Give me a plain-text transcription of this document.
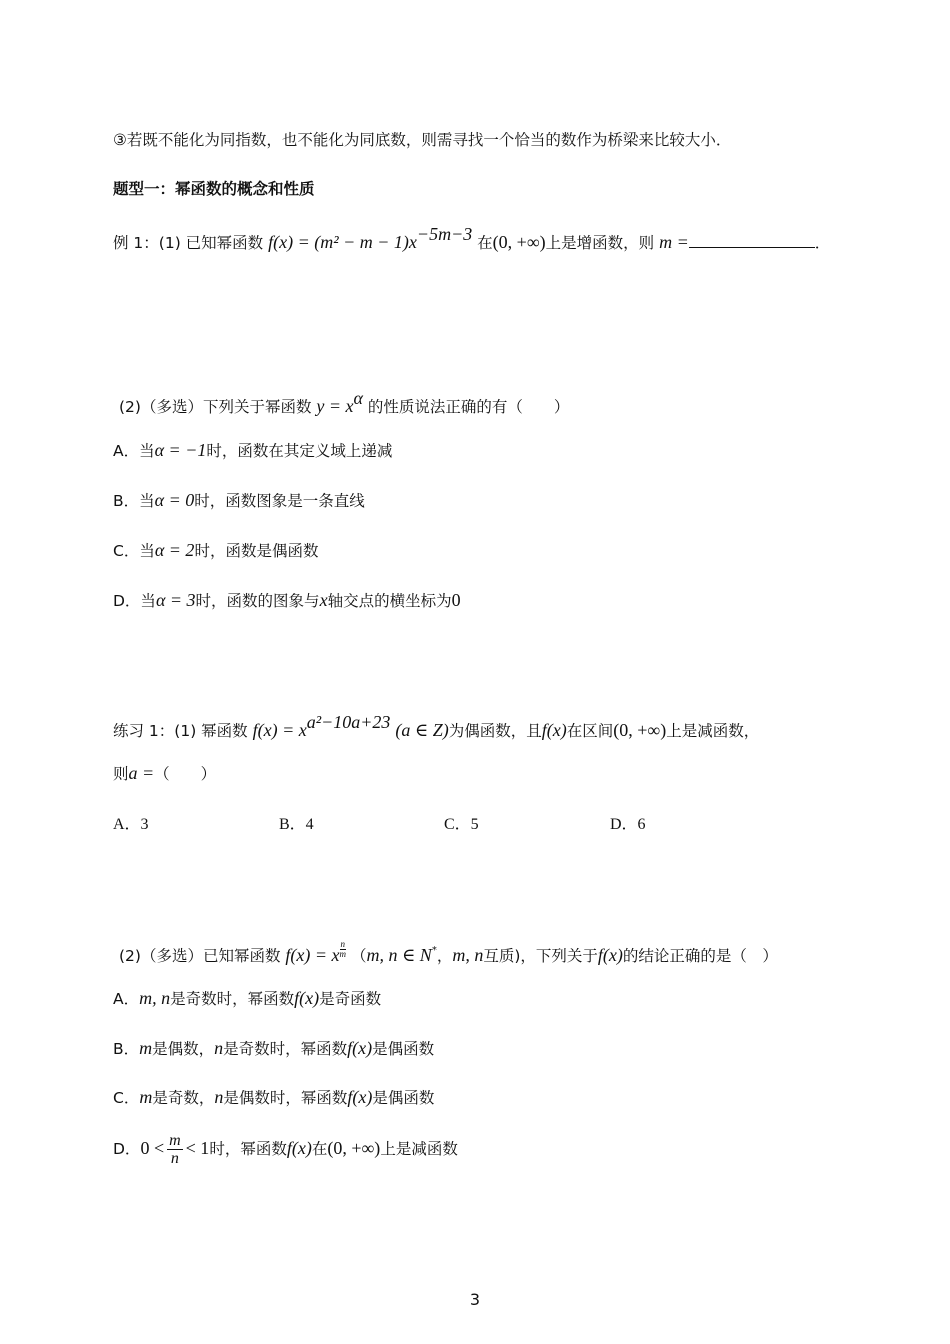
③若既不能化为同指数，也不能化为同底数，则需寻找一个恰当的数作为桥梁来比较大小．
题型一：幂函数的概念和性质
例 1：(1) 已知幂函数 $f(x) = (m^2 - m - 1)x^{-5m-3}$ 在(0, +∞)上是增函数，则 m =	．
(2)（多选）下列关于幂函数 $y = x^\alpha$ 的性质说法正确的有（　　）
A．当α = −1时，函数在其定义域上递减
B．当α = 0时，函数图象是一条直线
C．当α = 2时，函数是偶函数
D．当α = 3时，函数的图象与x轴交点的横坐标为0
练习 1：(1) 幂函数 $f(x) = x^{a^2-10a+23}$ (a ∈ Z)为偶函数，且f(x)在区间(0, +∞)上是减函数，
则a =（　　）
A．3	B．4	C．5	D．6
(2)（多选）已知幂函数 f(x) = x $\frac{n}{m} (m$, n ∈ N*，m, n互质)，下列关于f(x)的结论正确的是（　）
A．m, n是奇数时，幂函数f(x)是奇函数
B．m是偶数，n是奇数时，幂函数f(x)是偶函数
C．m是奇数，n是偶数时，幂函数f(x)是偶函数
D．$0 < \frac{m}{n} < 1$时，幂函数f(x)在(0, +∞)上是减函数
3
